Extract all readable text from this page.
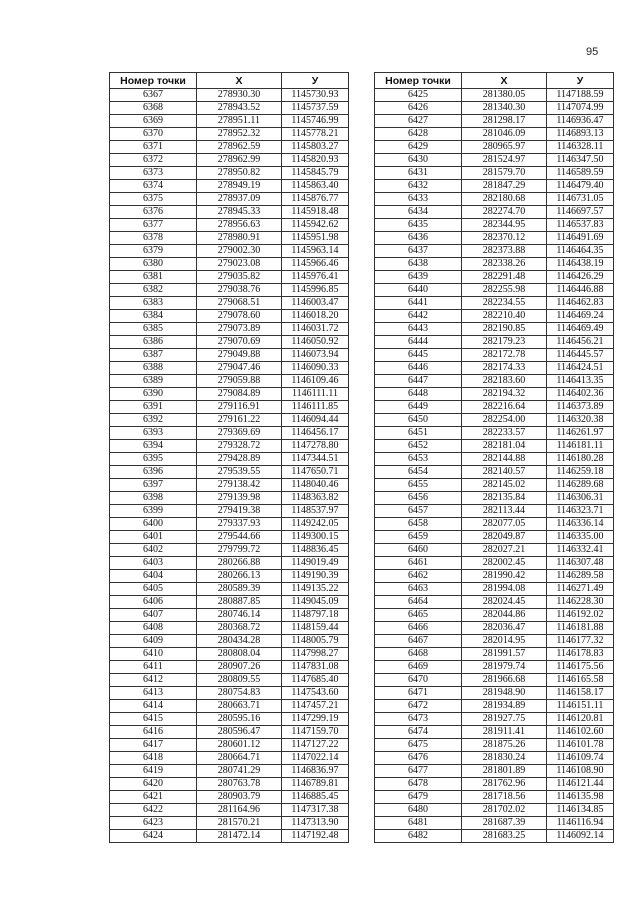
95
Номер точки	X	У
6367	278930.30	1145730.93
6368	278943.52	1145737.59
6369	278951.11	1145746.99
6370	278952.32	1145778.21
6371	278962.59	1145803.27
6372	278962.99	1145820.93
6373	278950.82	1145845.79
6374	278949.19	1145863.40
6375	278937.09	1145876.77
6376	278945.33	1145918.48
6377	278956.63	1145942.62
6378	278980.91	1145951.98
6379	279002.30	1145963.14
6380	279023.08	1145966.46
6381	279035.82	1145976.41
6382	279038.76	1145996.85
6383	279068.51	1146003.47
6384	279078.60	1146018.20
6385	279073.89	1146031.72
6386	279070.69	1146050.92
6387	279049.88	1146073.94
6388	279047.46	1146090.33
6389	279059.88	1146109.46
6390	279084.89	1146111.11
6391	279116.91	1146111.85
6392	279161.22	1146094.44
6393	279369.69	1146456.17
6394	279328.72	1147278.80
6395	279428.89	1147344.51
6396	279539.55	1147650.71
6397	279138.42	1148040.46
6398	279139.98	1148363.82
6399	279419.38	1148537.97
6400	279337.93	1149242.05
6401	279544.66	1149300.15
6402	279799.72	1148836.45
6403	280266.88	1149019.49
6404	280266.13	1149190.39
6405	280589.39	1149135.22
6406	280887.85	1149045.09
6407	280746.14	1148797.18
6408	280368.72	1148159.44
6409	280434.28	1148005.79
6410	280808.04	1147998.27
6411	280907.26	1147831.08
6412	280809.55	1147685.40
6413	280754.83	1147543.60
6414	280663.71	1147457.21
6415	280595.16	1147299.19
6416	280596.47	1147159.70
6417	280601.12	1147127.22
6418	280664.71	1147022.14
6419	280741.29	1146836.97
6420	280763.78	1146789.81
6421	280903.79	1146885.45
6422	281164.96	1147317.38
6423	281570.21	1147313.90
6424	281472.14	1147192.48
Номер точки	X	У
6425	281380.05	1147188.59
6426	281340.30	1147074.99
6427	281298.17	1146936.47
6428	281046.09	1146893.13
6429	280965.97	1146328.11
6430	281524.97	1146347.50
6431	281579.70	1146589.59
6432	281847.29	1146479.40
6433	282180.68	1146731.05
6434	282274.70	1146697.57
6435	282344.95	1146537.83
6436	282370.12	1146491.69
6437	282373.88	1146464.35
6438	282338.26	1146438.19
6439	282291.48	1146426.29
6440	282255.98	1146446.88
6441	282234.55	1146462.83
6442	282210.40	1146469.24
6443	282190.85	1146469.49
6444	282179.23	1146456.21
6445	282172.78	1146445.57
6446	282174.33	1146424.51
6447	282183.60	1146413.35
6448	282194.32	1146402.36
6449	282216.64	1146373.89
6450	282254.00	1146320.38
6451	282233.57	1146261.97
6452	282181.04	1146181.11
6453	282144.88	1146180.28
6454	282140.57	1146259.18
6455	282145.02	1146289.68
6456	282135.84	1146306.31
6457	282113.44	1146323.71
6458	282077.05	1146336.14
6459	282049.87	1146335.00
6460	282027.21	1146332.41
6461	282002.45	1146307.48
6462	281990.42	1146289.58
6463	281994.08	1146271.49
6464	282024.45	1146228.30
6465	282044.86	1146192.02
6466	282036.47	1146181.88
6467	282014.95	1146177.32
6468	281991.57	1146178.83
6469	281979.74	1146175.56
6470	281966.68	1146165.58
6471	281948.90	1146158.17
6472	281934.89	1146151.11
6473	281927.75	1146120.81
6474	281911.41	1146102.60
6475	281875.26	1146101.78
6476	281830.24	1146109.74
6477	281801.89	1146108.90
6478	281762.96	1146121.44
6479	281718.56	1146135.98
6480	281702.02	1146134.85
6481	281687.39	1146116.94
6482	281683.25	1146092.14
